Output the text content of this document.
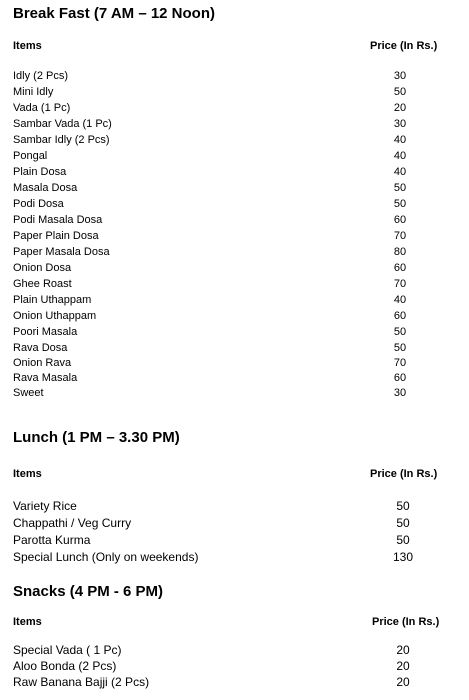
Break Fast (7 AM – 12 Noon)
Items	Price (In Rs.)
Idly (2 Pcs)	30
Mini Idly	50
Vada (1 Pc)	20
Sambar Vada (1 Pc)	30
Sambar Idly (2 Pcs)	40
Pongal	40
Plain Dosa	40
Masala Dosa	50
Podi Dosa	50
Podi Masala Dosa	60
Paper Plain Dosa	70
Paper Masala Dosa	80
Onion Dosa	60
Ghee Roast	70
Plain Uthappam	40
Onion Uthappam	60
Poori Masala	50
Rava Dosa	50
Onion Rava	70
Rava Masala	60
Sweet	30
Lunch (1 PM – 3.30 PM)
Items	Price (In Rs.)
Variety Rice	50
Chappathi / Veg Curry	50
Parotta Kurma	50
Special Lunch (Only on weekends)	130
Snacks (4 PM - 6 PM)
Items	Price (In Rs.)
Special Vada ( 1 Pc)	20
Aloo Bonda (2 Pcs)	20
Raw Banana Bajji (2 Pcs)	20
